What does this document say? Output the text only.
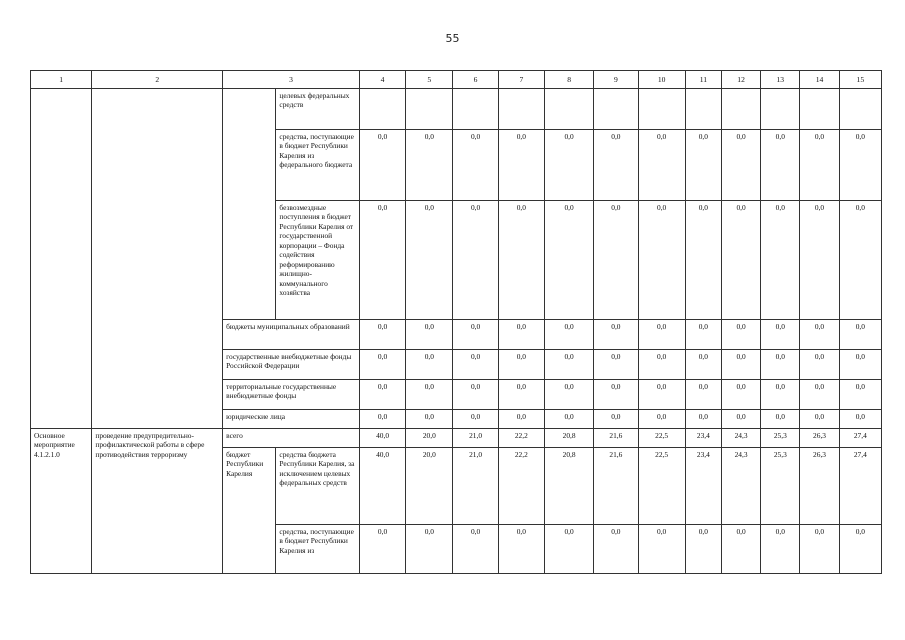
55
1	2	3		4	5	6	7	8	9	10	11	12	13	14	15
			целевых федеральных средств												
			средства, поступающие в бюджет Республики Карелия из федерального бюджета	0,0	0,0	0,0	0,0	0,0	0,0	0,0	0,0	0,0	0,0	0,0	0,0
			безвозмездные поступления в бюджет Республики Карелия от государственной корпорации – Фонда содействия реформированию жилищно-коммунального хозяйства	0,0	0,0	0,0	0,0	0,0	0,0	0,0	0,0	0,0	0,0	0,0	0,0
		бюджеты муниципальных образований		0,0	0,0	0,0	0,0	0,0	0,0	0,0	0,0	0,0	0,0	0,0	0,0
		государственные внебюджетные фонды Российской Федерации		0,0	0,0	0,0	0,0	0,0	0,0	0,0	0,0	0,0	0,0	0,0	0,0
		территориальные государственные внебюджетные фонды		0,0	0,0	0,0	0,0	0,0	0,0	0,0	0,0	0,0	0,0	0,0	0,0
		юридические лица		0,0	0,0	0,0	0,0	0,0	0,0	0,0	0,0	0,0	0,0	0,0	0,0
Основное мероприятие 4.1.2.1.0	проведение предупредительно-профилактической работы в сфере противодействия терроризму	всего		40,0	20,0	21,0	22,2	20,8	21,6	22,5	23,4	24,3	25,3	26,3	27,4
		бюджет Республики Карелия	средства бюджета Республики Карелия, за исключением целевых федеральных средств	40,0	20,0	21,0	22,2	20,8	21,6	22,5	23,4	24,3	25,3	26,3	27,4
			средства, поступающие в бюджет Республики Карелия из	0,0	0,0	0,0	0,0	0,0	0,0	0,0	0,0	0,0	0,0	0,0	0,0
